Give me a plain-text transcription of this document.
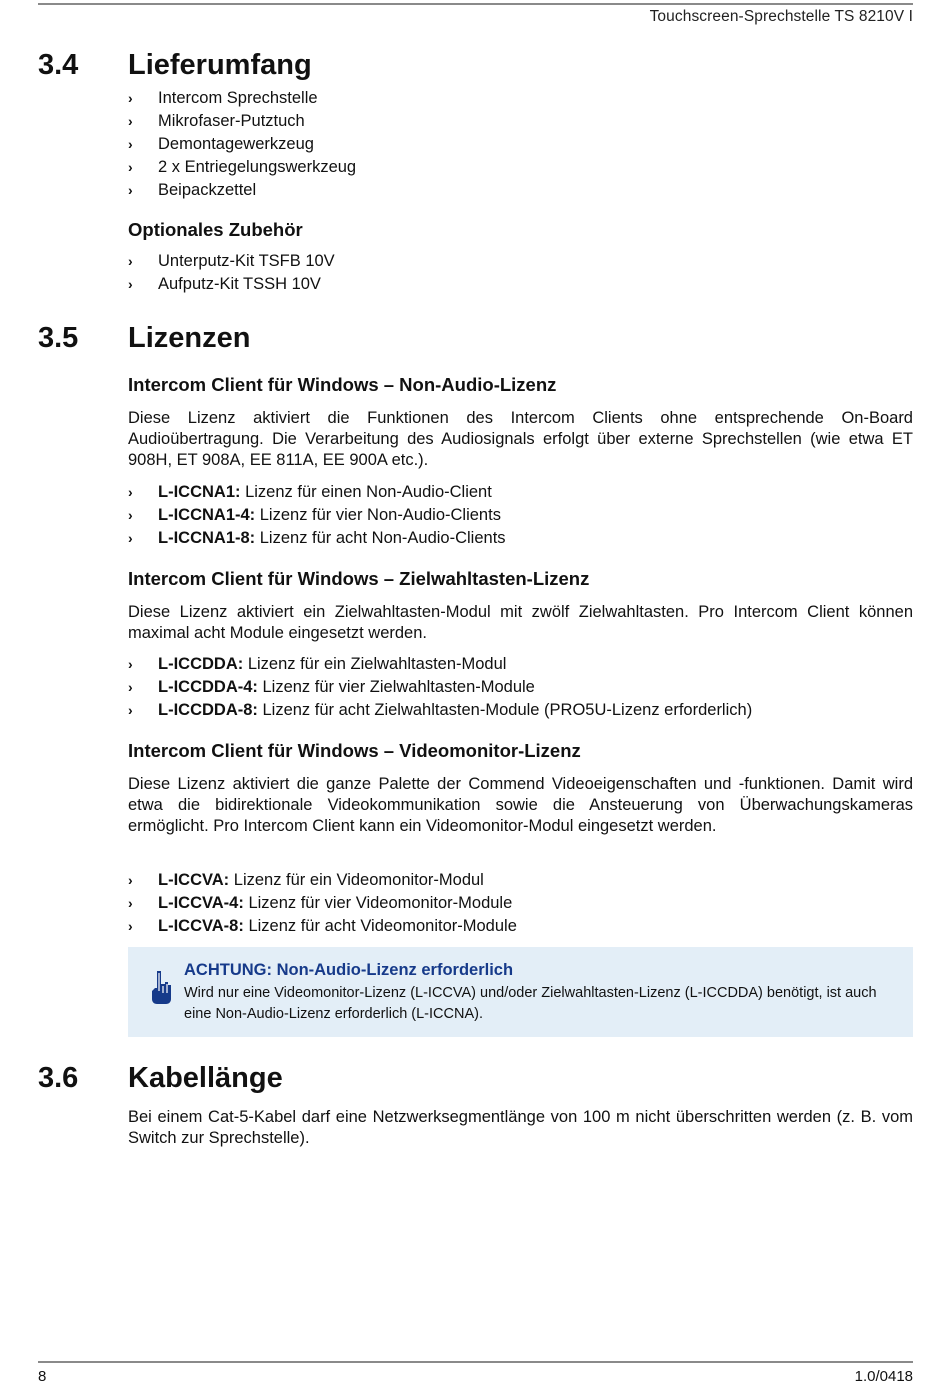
Touchscreen-Sprechstelle TS 8210V I
3.4 Lieferumfang
› Intercom Sprechstelle
› Mikrofaser-Putztuch
› Demontagewerkzeug
› 2 x Entriegelungswerkzeug
› Beipackzettel
Optionales Zubehör
› Unterputz-Kit TSFB 10V
› Aufputz-Kit TSSH 10V
3.5 Lizenzen
Intercom Client für Windows – Non-Audio-Lizenz
Diese Lizenz aktiviert die Funktionen des Intercom Clients ohne entsprechende On-Board Audioübertragung. Die Verarbeitung des Audiosignals erfolgt über externe Sprechstellen (wie etwa ET 908H, ET 908A, EE 811A, EE 900A etc.).
› L-ICCNA1: Lizenz für einen Non-Audio-Client
› L-ICCNA1-4: Lizenz für vier Non-Audio-Clients
› L-ICCNA1-8: Lizenz für acht Non-Audio-Clients
Intercom Client für Windows – Zielwahltasten-Lizenz
Diese Lizenz aktiviert ein Zielwahltasten-Modul mit zwölf Zielwahltasten. Pro Intercom Client können maximal acht Module eingesetzt werden.
› L-ICCDDA: Lizenz für ein Zielwahltasten-Modul
› L-ICCDDA-4: Lizenz für vier Zielwahltasten-Module
› L-ICCDDA-8: Lizenz für acht Zielwahltasten-Module (PRO5U-Lizenz erforderlich)
Intercom Client für Windows – Videomonitor-Lizenz
Diese Lizenz aktiviert die ganze Palette der Commend Videoeigenschaften und -funktionen. Damit wird etwa die bidirektionale Videokommunikation sowie die Ansteuerung von Überwachungskameras ermöglicht. Pro Intercom Client kann ein Videomonitor-Modul eingesetzt werden.
› L-ICCVA: Lizenz für ein Videomonitor-Modul
› L-ICCVA-4: Lizenz für vier Videomonitor-Module
› L-ICCVA-8: Lizenz für acht Videomonitor-Module
ACHTUNG: Non-Audio-Lizenz erforderlich
Wird nur eine Videomonitor-Lizenz (L-ICCVA) und/oder Zielwahltasten-Lizenz (L-ICCDDA) benötigt, ist auch eine Non-Audio-Lizenz erforderlich (L-ICCNA).
3.6 Kabellänge
Bei einem Cat-5-Kabel darf eine Netzwerksegmentlänge von 100 m nicht überschritten werden (z. B. vom Switch zur Sprechstelle).
8	1.0/0418
